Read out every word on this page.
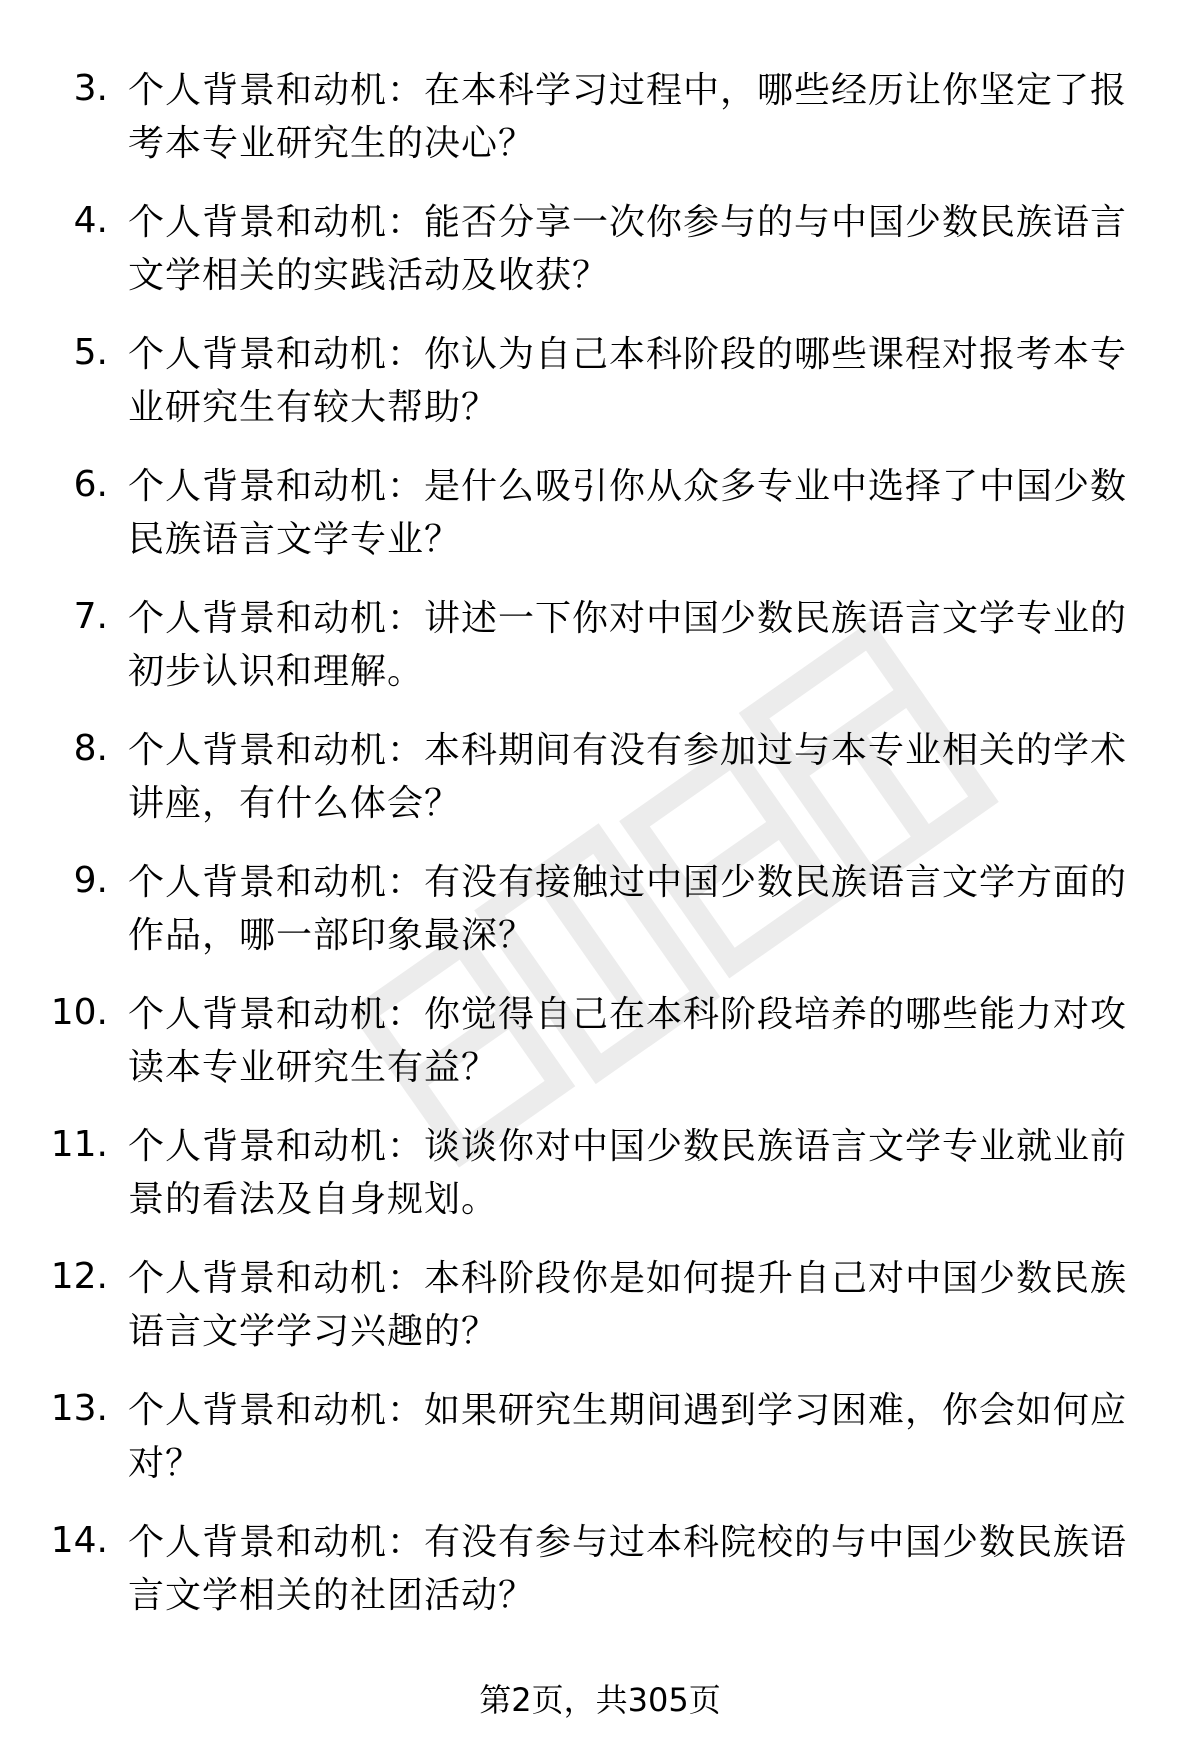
3. 个人背景和动机：在本科学习过程中，哪些经历让你坚定了报考本专业研究生的决心？
4. 个人背景和动机：能否分享一次你参与的与中国少数民族语言文学相关的实践活动及收获？
5. 个人背景和动机：你认为自己本科阶段的哪些课程对报考本专业研究生有较大帮助？
6. 个人背景和动机：是什么吸引你从众多专业中选择了中国少数民族语言文学专业？
7. 个人背景和动机：讲述一下你对中国少数民族语言文学专业的初步认识和理解。
8. 个人背景和动机：本科期间有没有参加过与本专业相关的学术讲座，有什么体会？
9. 个人背景和动机：有没有接触过中国少数民族语言文学方面的作品，哪一部印象最深？
10. 个人背景和动机：你觉得自己在本科阶段培养的哪些能力对攻读本专业研究生有益？
11. 个人背景和动机：谈谈你对中国少数民族语言文学专业就业前景的看法及自身规划。
12. 个人背景和动机：本科阶段你是如何提升自己对中国少数民族语言文学学习兴趣的？
13. 个人背景和动机：如果研究生期间遇到学习困难，你会如何应对？
14. 个人背景和动机：有没有参与过本科院校的与中国少数民族语言文学相关的社团活动？
第2页，共305页
